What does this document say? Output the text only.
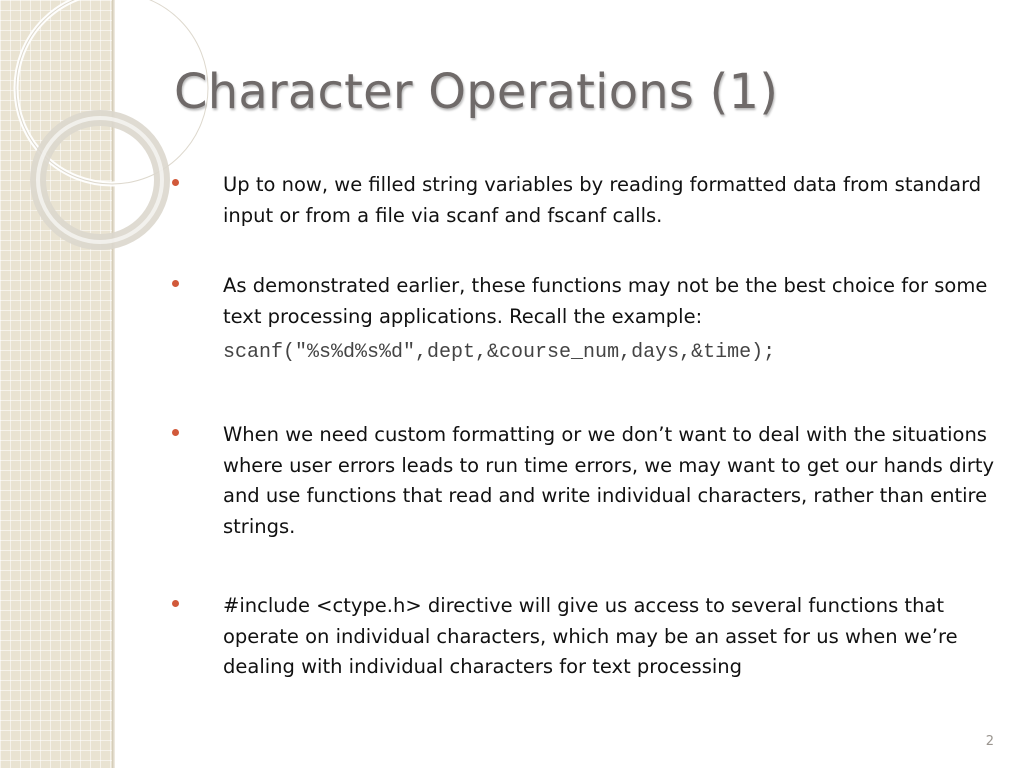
Character Operations (1)
Up to now, we filled string variables by reading formatted data from standard input or from a file via scanf and fscanf calls.
As demonstrated earlier, these functions may not be the best choice for some text processing applications. Recall the example:
When we need custom formatting or we don’t want to deal with the situations where user errors leads to run time errors, we may want to get our hands dirty and use functions that read and write individual characters, rather than entire strings.
#include <ctype.h> directive will give us access to several functions that operate on individual characters, which may be an asset for us when we’re dealing with individual characters for text processing
scanf("%s%d%s%d",dept,&course_num,days,&time);
2
